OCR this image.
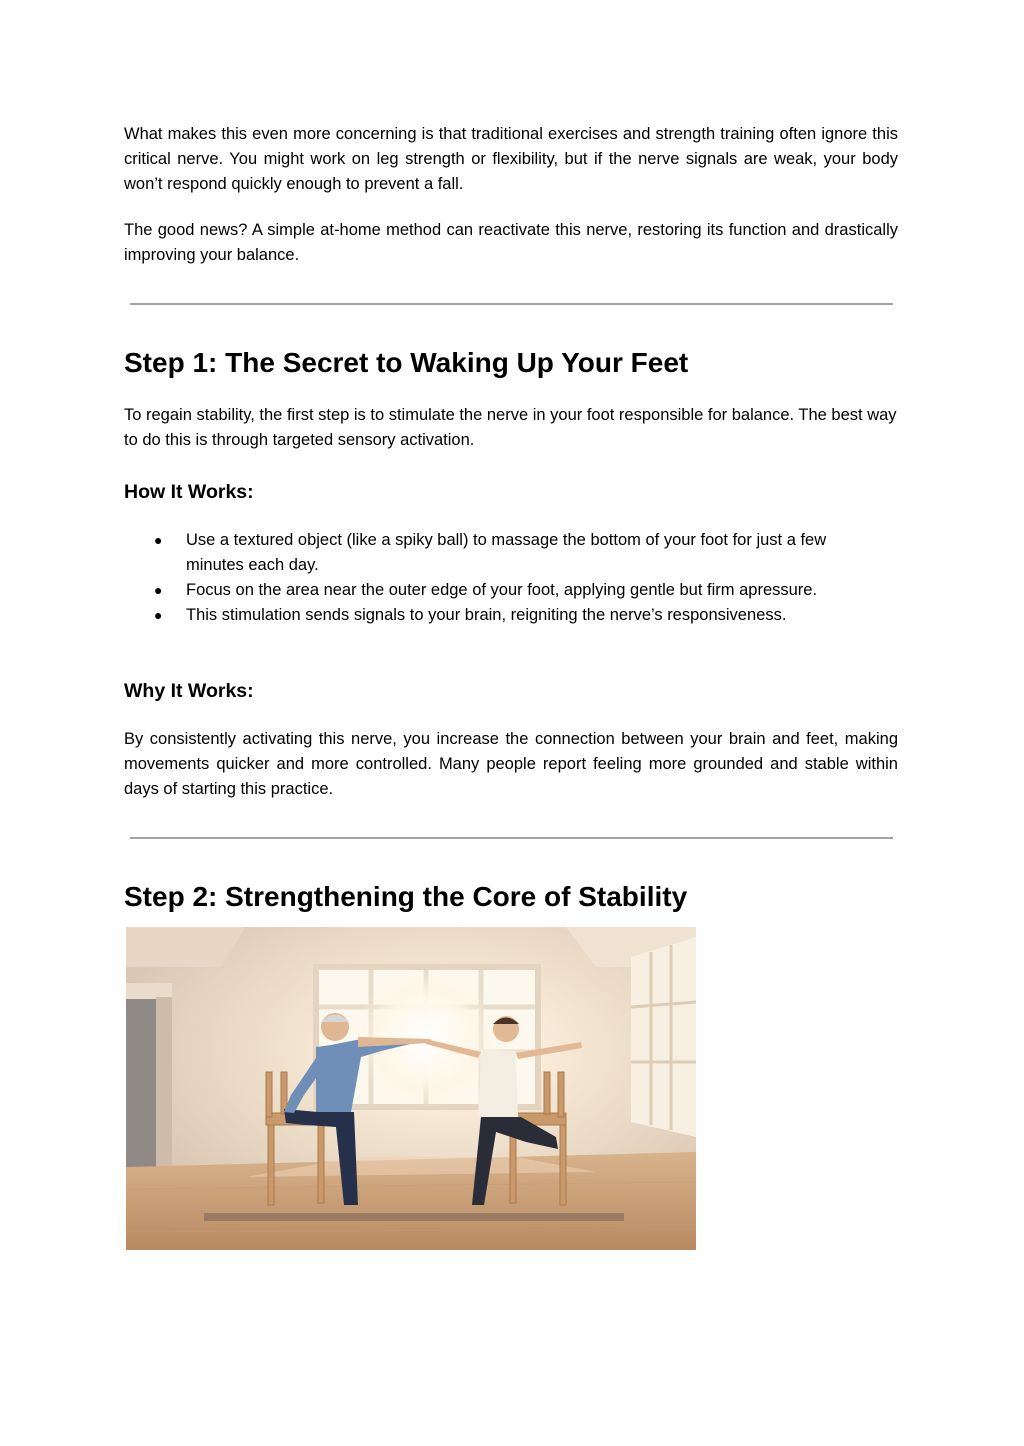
What makes this even more concerning is that traditional exercises and strength training often ignore this critical nerve. You might work on leg strength or flexibility, but if the nerve signals are weak, your body won’t respond quickly enough to prevent a fall.

The good news? A simple at-home method can reactivate this nerve, restoring its function and drastically improving your balance.

Step 1: The Secret to Waking Up Your Feet

To regain stability, the first step is to stimulate the nerve in your foot responsible for balance. The best way to do this is through targeted sensory activation.

How It Works:
● Use a textured object (like a spiky ball) to massage the bottom of your foot for just a few minutes each day.
● Focus on the area near the outer edge of your foot, applying gentle but firm apressure.
● This stimulation sends signals to your brain, reigniting the nerve’s responsiveness.
Why It Works:

By consistently activating this nerve, you increase the connection between your brain and feet, making movements quicker and more controlled. Many people report feeling more grounded and stable within days of starting this practice.

Step 2: Strengthening the Core of Stability
